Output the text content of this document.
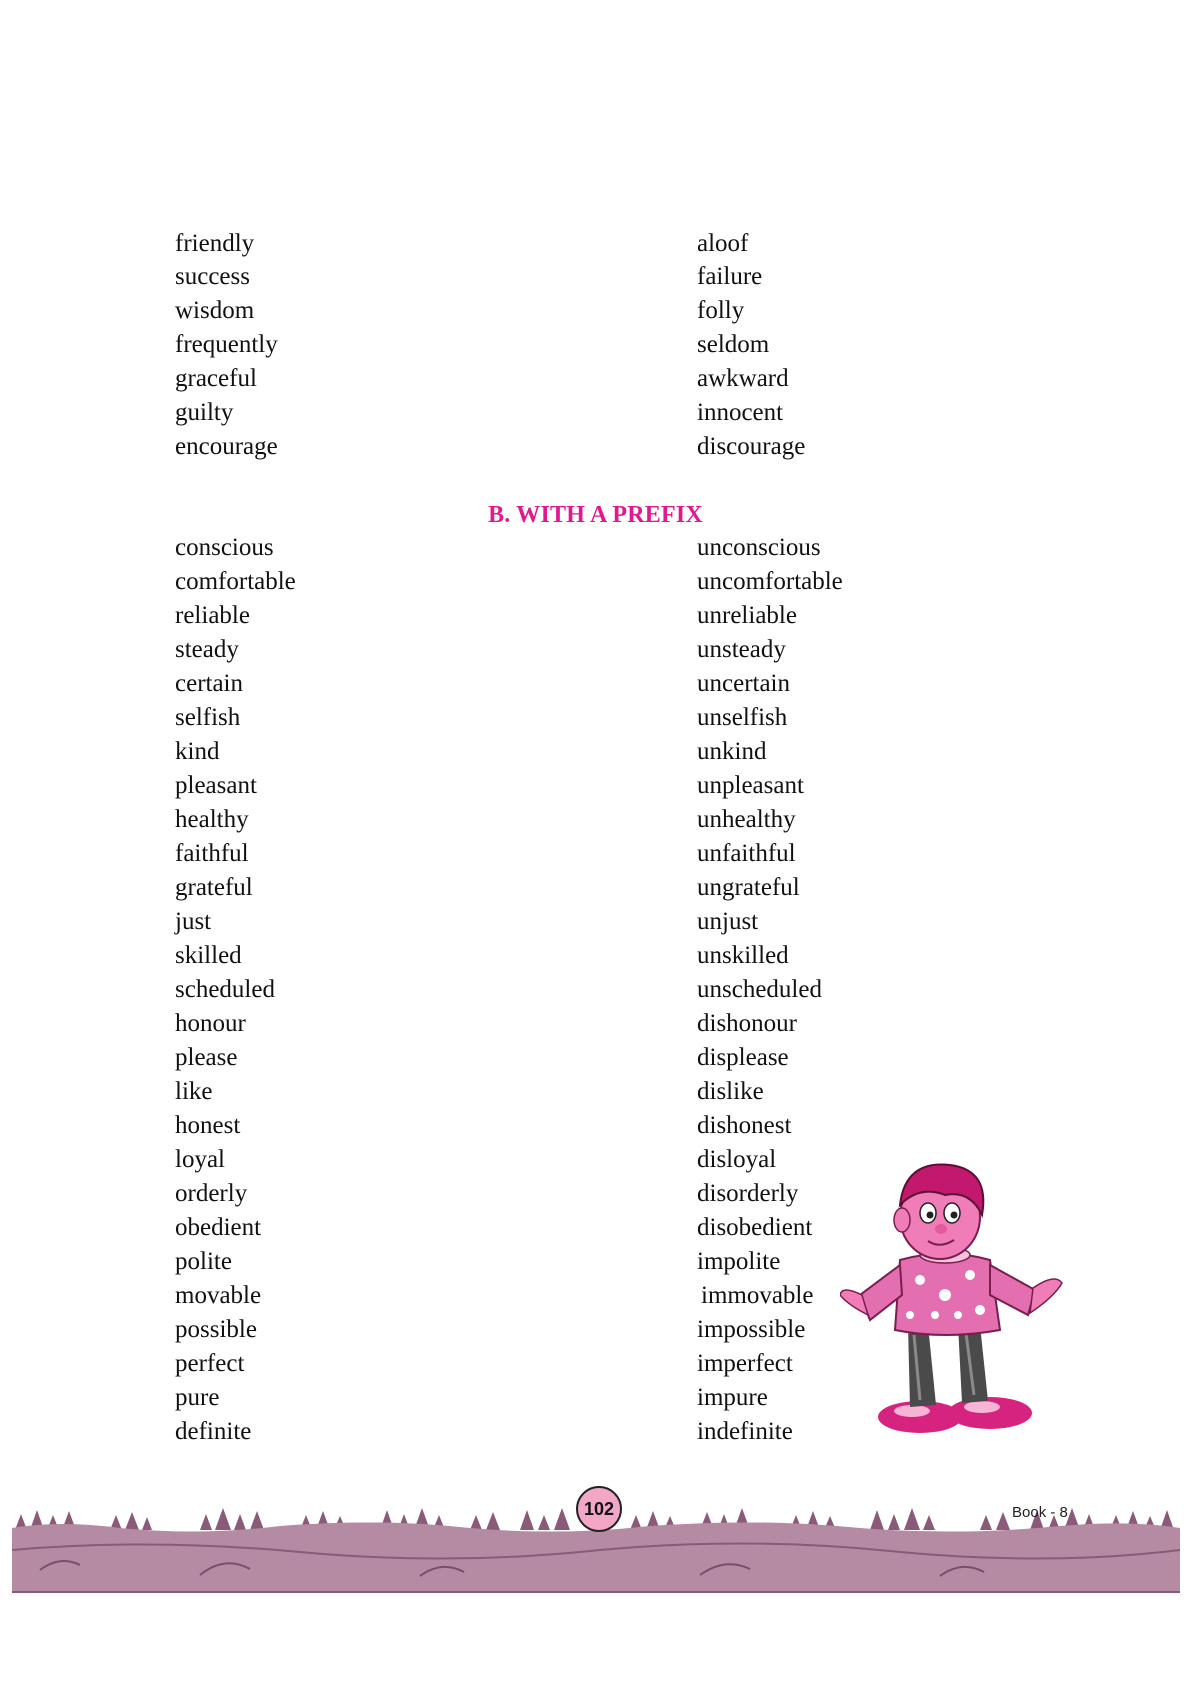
friendly	aloof
success	failure
wisdom	folly
frequently	seldom
graceful	awkward
guilty	innocent
encourage	discourage
B. WITH A PREFIX
conscious	unconscious
comfortable	uncomfortable
reliable	unreliable
steady	unsteady
certain	uncertain
selfish	unselfish
kind	unkind
pleasant	unpleasant
healthy	unhealthy
faithful	unfaithful
grateful	ungrateful
just	unjust
skilled	unskilled
scheduled	unscheduled
honour	dishonour
please	displease
like	dislike
honest	dishonest
loyal	disloyal
orderly	disorderly
obedient	disobedient
polite	impolite
movable	immovable
possible	impossible
perfect	imperfect
pure	impure
definite	indefinite
102	Book - 8
